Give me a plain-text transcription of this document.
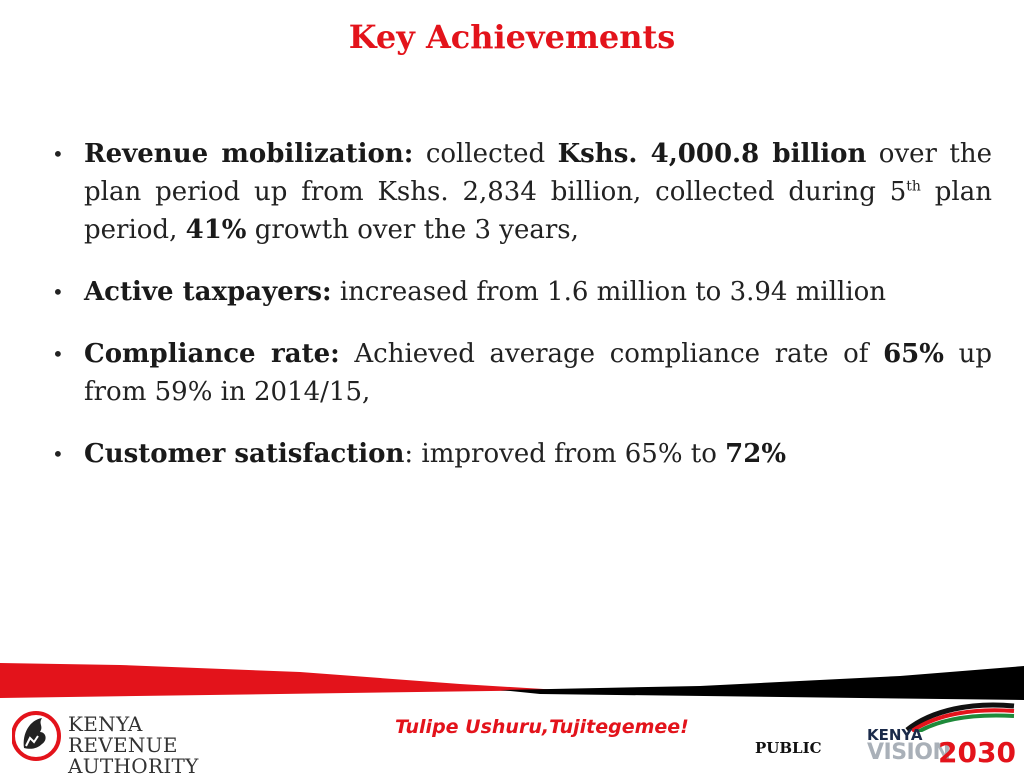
Key Achievements
• Revenue mobilization: collected Kshs. 4,000.8 billion over the plan period up from Kshs. 2,834 billion, collected during 5th plan period, 41% growth over the 3 years,
• Active taxpayers: increased from 1.6 million to 3.94 million
• Compliance rate: Achieved average compliance rate of 65% up from 59% in 2014/15,
• Customer satisfaction: improved from 65% to 72%
KENYA REVENUE
AUTHORITY
Tulipe Ushuru,Tujitegemee!
PUBLIC
KENYA
VISION
2030
